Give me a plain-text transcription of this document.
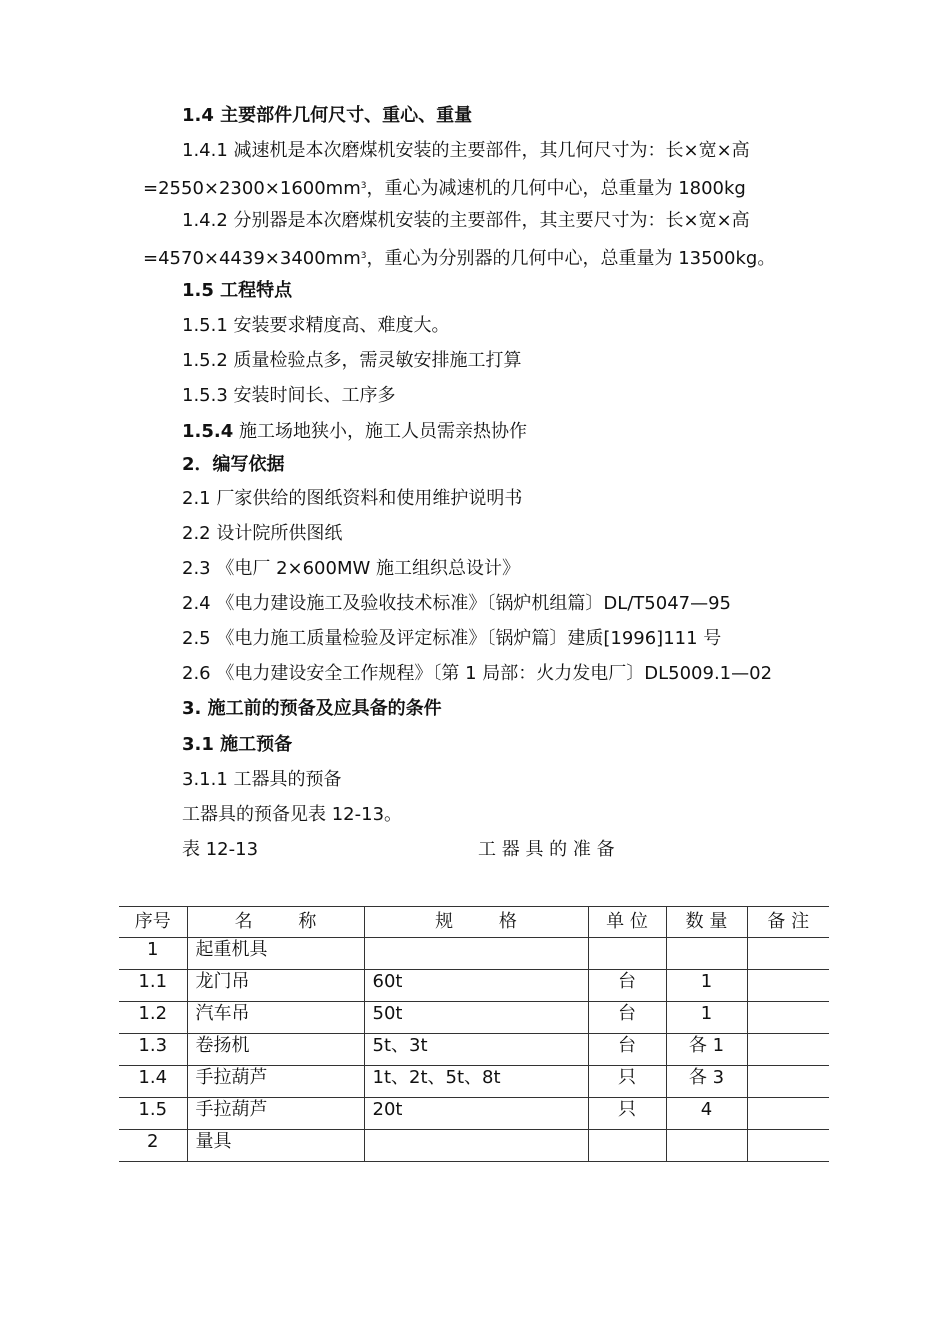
1.4 主要部件几何尺寸、重心、重量
1.4.1 减速机是本次磨煤机安装的主要部件，其几何尺寸为：长×宽×高
$=2550\times 2300\times 1600mm^3$，重心为减速机的几何中心，总重量为 1800kg
1.4.2 分别器是本次磨煤机安装的主要部件，其主要尺寸为：长×宽×高
$=4570\times 4439\times 3400mm^3$，重心为分别器的几何中心，总重量为 13500kg。
1.5 工程特点
1.5.1 安装要求精度高、难度大。
1.5.2 质量检验点多，需灵敏安排施工打算
1.5.3 安装时间长、工序多
1.5.4 施工场地狭小，施工人员需亲热协作
2．编写依据
2.1 厂家供给的图纸资料和使用维护说明书
2.2 设计院所供图纸
2.3 《电厂 2×600MW 施工组织总设计》
2.4 《电力建设施工及验收技术标准》〔锅炉机组篇〕DL/T5047—95
2.5 《电力施工质量检验及评定标准》〔锅炉篇〕建质[1996]111 号
2.6 《电力建设安全工作规程》〔第 1 局部：火力发电厂〕DL5009.1—02
3. 施工前的预备及应具备的条件
3.1 施工预备
3.1.1 工器具的预备
工器具的预备见表 12-13。
表 12-13	工 器 具 的 准 备
序号	名        称	规        格	单 位	数 量	备 注
1	起重机具				
1.1	龙门吊	60t	台	1	
1.2	汽车吊	50t	台	1	
1.3	卷扬机	5t、3t	台	各 1	
1.4	手拉葫芦	1t、2t、5t、8t	只	各 3	
1.5	手拉葫芦	20t	只	4	
2	量具				
